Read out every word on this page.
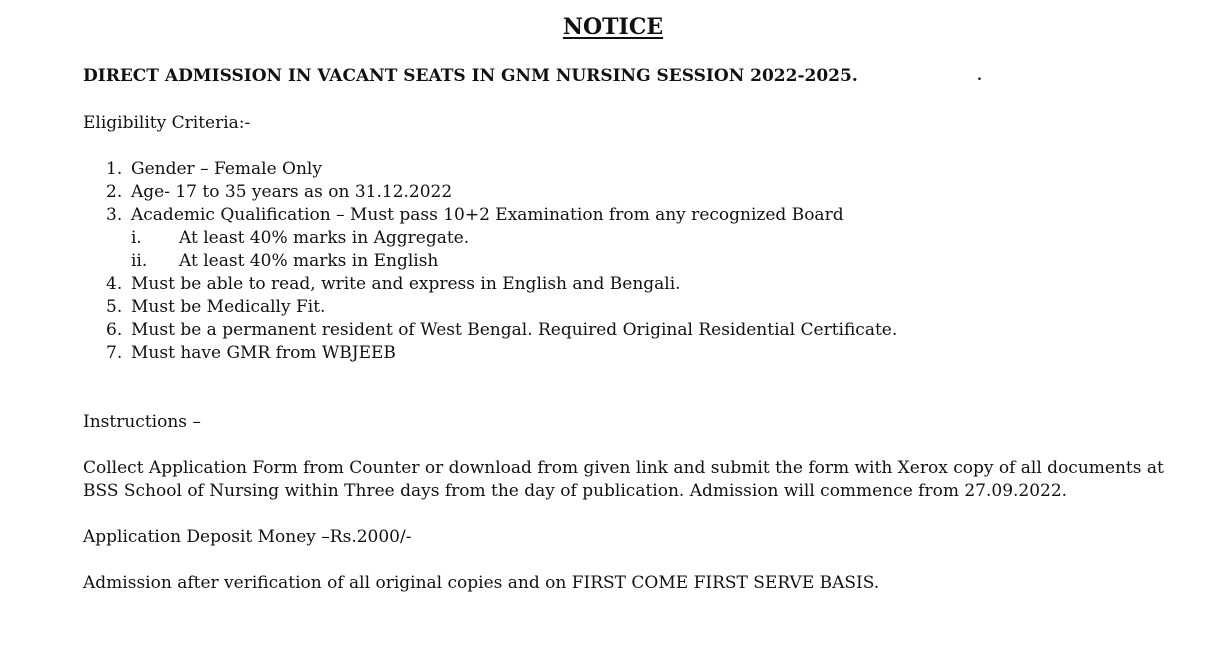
NOTICE
DIRECT ADMISSION IN VACANT SEATS IN GNM NURSING SESSION 2022-2025.	.
Eligibility Criteria:-
1. Gender – Female Only
2. Age- 17 to 35 years as on 31.12.2022
3. Academic Qualification – Must pass 10+2 Examination from any recognized Board
i.	At least 40% marks in Aggregate.
ii.	At least 40% marks in English
4. Must be able to read, write and express in English and Bengali.
5. Must be Medically Fit.
6. Must be a permanent resident of West Bengal. Required Original Residential Certificate.
7. Must have GMR from WBJEEB
Instructions –
Collect Application Form from Counter or download from given link and submit the form with Xerox copy of all documents at
BSS School of Nursing within Three days from the day of publication. Admission will commence from 27.09.2022.
Application Deposit Money –Rs.2000/-
Admission after verification of all original copies and on FIRST COME FIRST SERVE BASIS.
